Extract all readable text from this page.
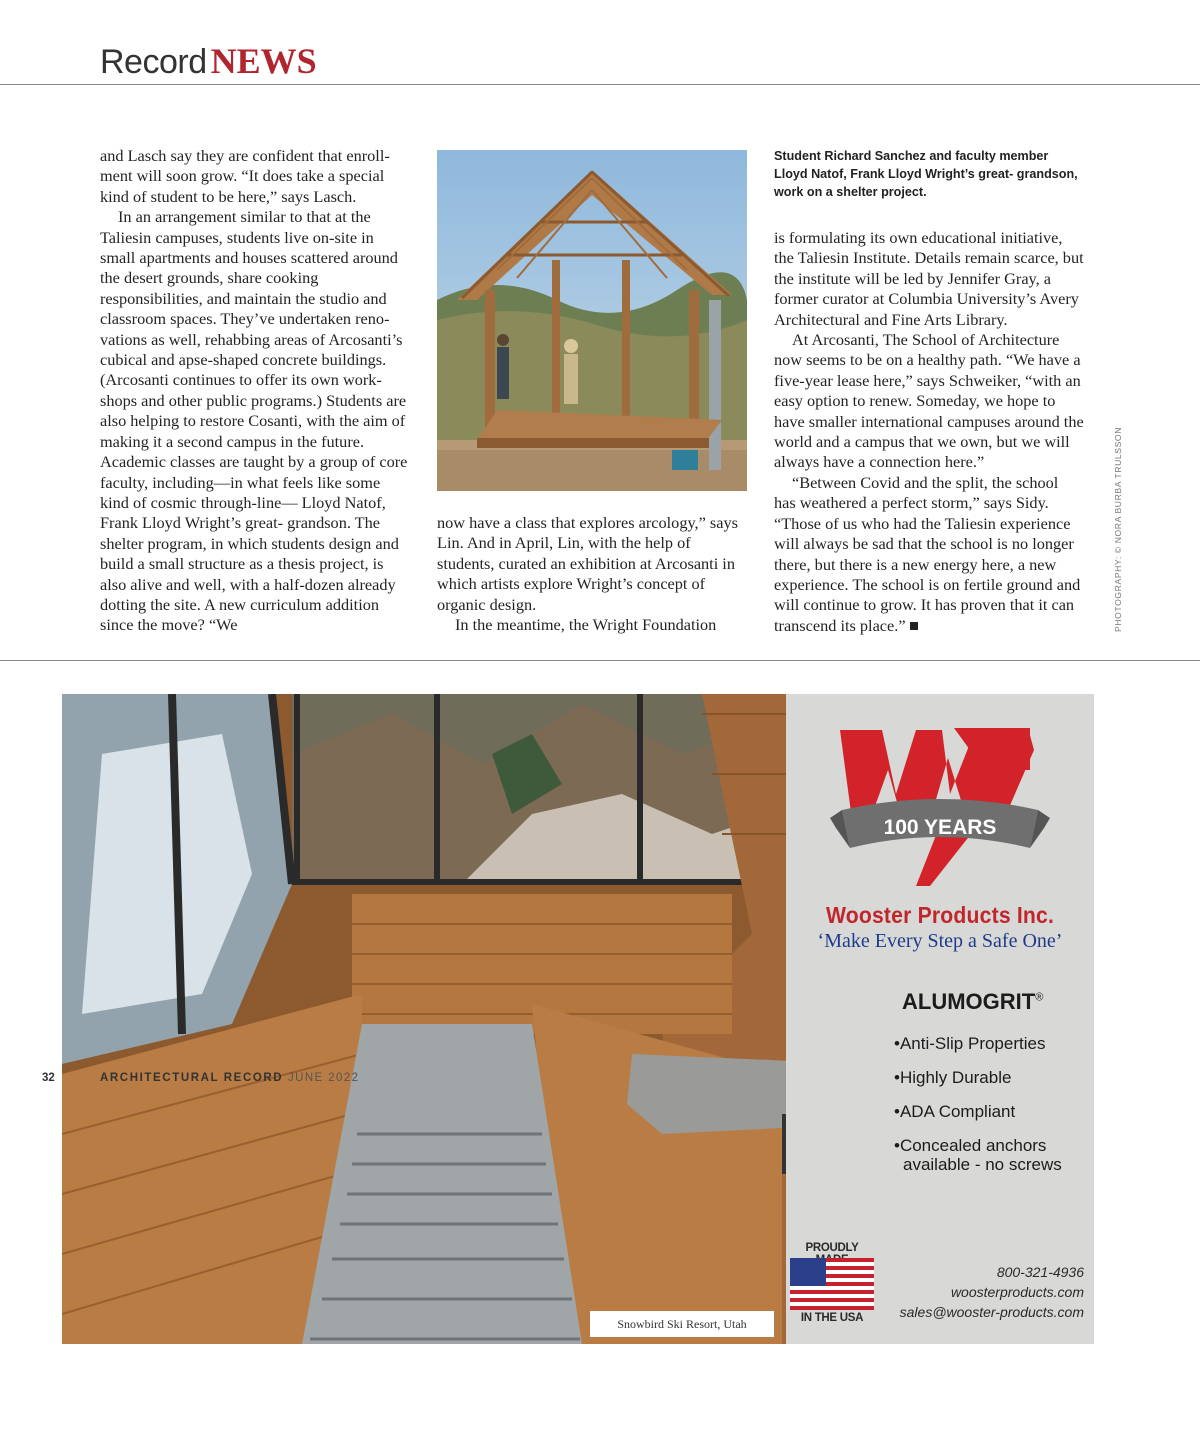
Record NEWS

and Lasch say they are confident that enroll- ment will soon grow. “It does take a special kind of student to be here,” says Lasch.

In an arrangement similar to that at the Taliesin campuses, students live on-site in small apartments and houses scattered around the desert grounds, share cooking responsibilities, and maintain the studio and classroom spaces. They’ve undertaken reno- vations as well, rehabbing areas of Arcosanti’s cubical and apse-shaped concrete buildings. (Arcosanti continues to offer its own work- shops and other public programs.) Students are also helping to restore Cosanti, with the aim of making it a second campus in the future. Academic classes are taught by a group of core faculty, including—in what feels like some kind of cosmic through-line— Lloyd Natof, Frank Lloyd Wright’s great- grandson. The shelter program, in which students design and build a small structure as a thesis project, is also alive and well, with a half-dozen already dotting the site. A new curriculum addition since the move? “We

Student Richard Sanchez and faculty member Lloyd Natof, Frank Lloyd Wright’s great- grandson, work on a shelter project.

now have a class that explores arcology,” says Lin. And in April, Lin, with the help of students, curated an exhibition at Arcosanti in which artists explore Wright’s concept of organic design.

In the meantime, the Wright Foundation

is formulating its own educational initiative, the Taliesin Institute. Details remain scarce, but the institute will be led by Jennifer Gray, a former curator at Columbia University’s Avery Architectural and Fine Arts Library.

At Arcosanti, The School of Architecture now seems to be on a healthy path. “We have a five-year lease here,” says Schweiker, “with an easy option to renew. Someday, we hope to have smaller international campuses around the world and a campus that we own, but we will always have a connection here.”

“Between Covid and the split, the school has weathered a perfect storm,” says Sidy. “Those of us who had the Taliesin experience will always be sad that the school is no longer there, but there is a new energy here, a new experience. The school is on fertile ground and will continue to grow. It has proven that it can transcend its place.”	PHOTOGRAPHY: © NORA BURBA TRULSSON
Snowbird Ski Resort, Utah
100 YEARS
Wooster Products Inc.
‘Make Every Step a Safe One’
ALUMOGRIT®
• Anti-Slip Properties
• Highly Durable
• ADA Compliant
• Concealed anchors available - no screws
PROUDLY
IN THE USA
800-321-4936
woosterproducts.com
sales@wooster-products.com
32	ARCHITECTURAL RECORD JUNE 2022
